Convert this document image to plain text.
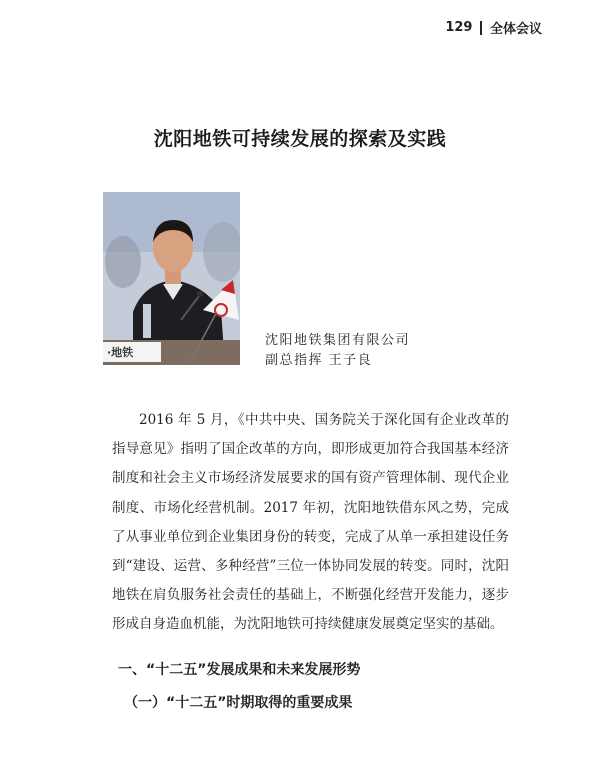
129 全体会议
沈阳地铁可持续发展的探索及实践
·地铁
沈阳地铁集团有限公司
副总指挥 王子良

2016 年 5 月，《中共中央、国务院关于深化国有企业改革的指导意见》指明了国企改革的方向，即形成更加符合我国基本经济制度和社会主义市场经济发展要求的国有资产管理体制、现代企业制度、市场化经营机制。2017 年初，沈阳地铁借东风之势，完成了从事业单位到企业集团身份的转变，完成了从单一承担建设任务到“建设、运营、多种经营”三位一体协同发展的转变。同时，沈阳地铁在肩负服务社会责任的基础上，不断强化经营开发能力，逐步形成自身造血机能，为沈阳地铁可持续健康发展奠定坚实的基础。

一、“十二五”发展成果和未来发展形势
（一）“十二五”时期取得的重要成果
